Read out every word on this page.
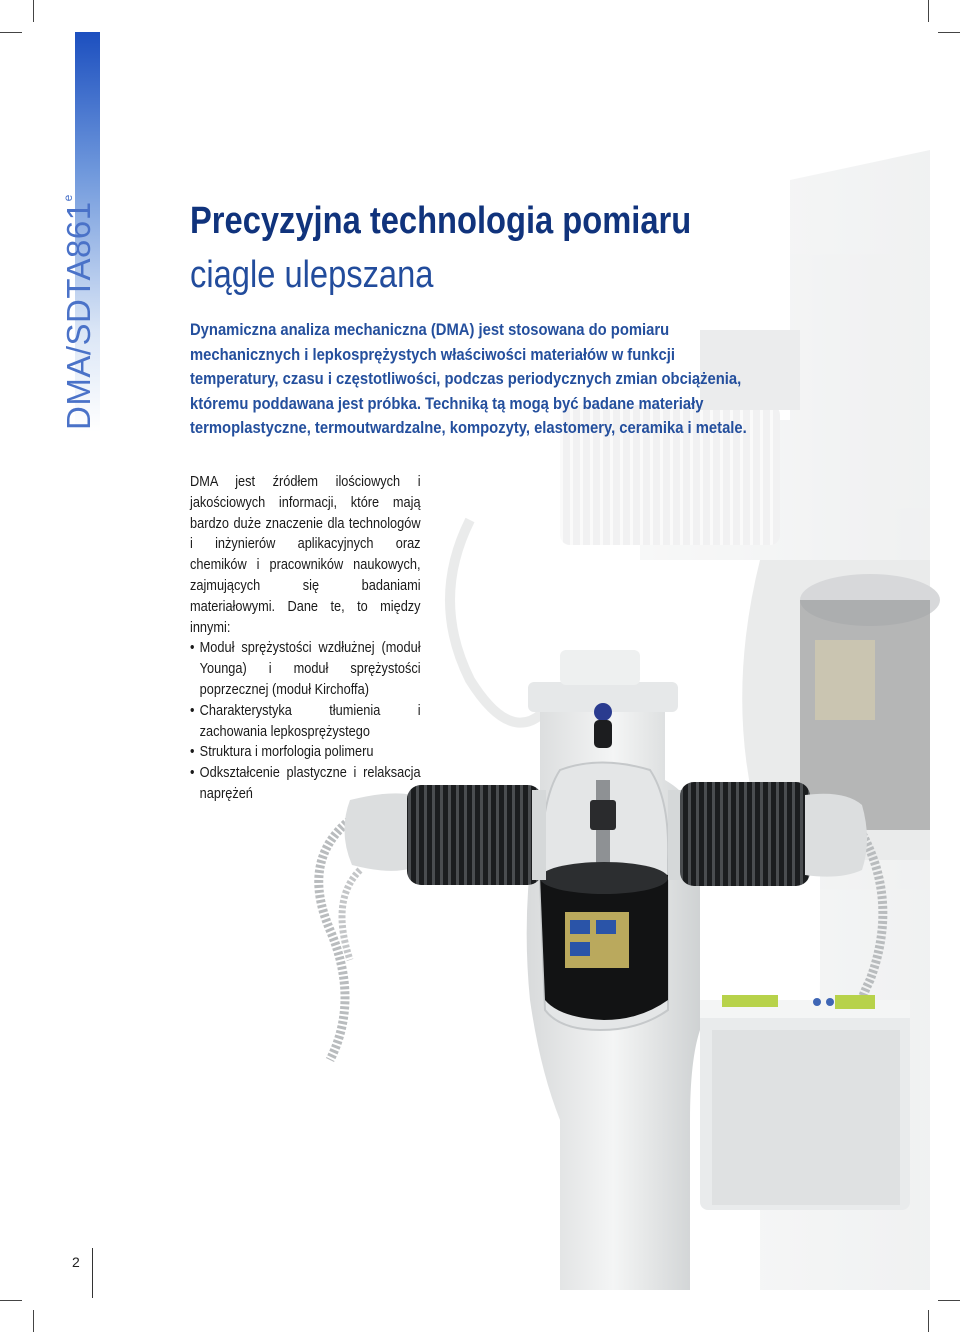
DMA/SDTA861e
Precyzyjna technologia pomiaru
ciągle ulepszana

Dynamiczna analiza mechaniczna (DMA) jest stosowana do pomiaru mechanicznych i lepkosprężystych właściwości materiałów w funkcji temperatury, czasu i częstotliwości, podczas periodycznych zmian obciążenia, któremu poddawana jest próbka. Techniką tą mogą być badane materiały termoplastyczne, termoutwardzalne, kompozyty, elastomery, ceramika i metale.

DMA jest źródłem ilościowych i jakościowych informacji, które mają bardzo duże znaczenie dla technologów i inżynierów aplikacyjnych oraz chemików i pracowników naukowych, zajmujących się badaniami materiałowymi. Dane te, to między innymi:

• Moduł sprężystości wzdłużnej (moduł Younga) i moduł sprężystości poprzecznej (moduł Kirchoffa)
• Charakterystyka tłumienia i zachowania lepkosprężystego
• Struktura i morfologia polimeru
• Odkształcenie plastyczne i relaksacja naprężeń
2
